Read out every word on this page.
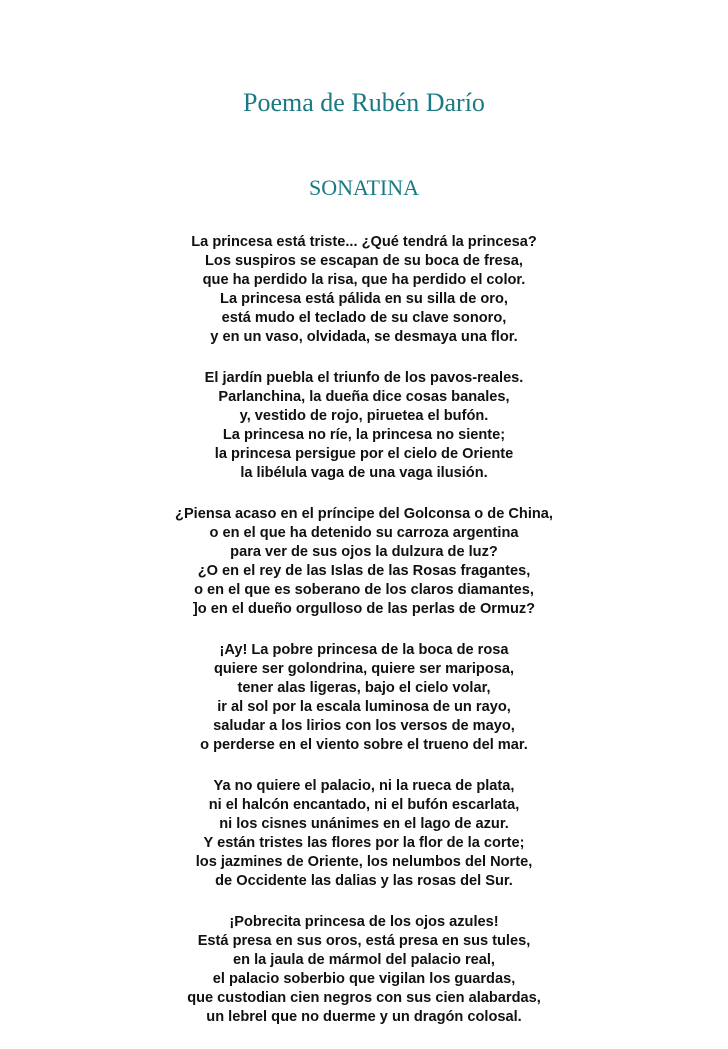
Poema de Rubén Darío
SONATINA
La princesa está triste... ¿Qué tendrá la princesa?
Los suspiros se escapan de su boca de fresa,
que ha perdido la risa, que ha perdido el color.
La princesa está pálida en su silla de oro,
está mudo el teclado de su clave sonoro,
y en un vaso, olvidada, se desmaya una flor.
El jardín puebla el triunfo de los pavos-reales.
Parlanchina, la dueña dice cosas banales,
y, vestido de rojo, piruetea el bufón.
La princesa no ríe, la princesa no siente;
la princesa persigue por el cielo de Oriente
la libélula vaga de una vaga ilusión.
¿Piensa acaso en el príncipe del Golconsa o de China,
o en el que ha detenido su carroza argentina
para ver de sus ojos la dulzura de luz?
¿O en el rey de las Islas de las Rosas fragantes,
o en el que es soberano de los claros diamantes,
]o en el dueño orgulloso de las perlas de Ormuz?
¡Ay! La pobre princesa de la boca de rosa
quiere ser golondrina, quiere ser mariposa,
tener alas ligeras, bajo el cielo volar,
ir al sol por la escala luminosa de un rayo,
saludar a los lirios con los versos de mayo,
o perderse en el viento sobre el trueno del mar.
Ya no quiere el palacio, ni la rueca de plata,
ni el halcón encantado, ni el bufón escarlata,
ni los cisnes unánimes en el lago de azur.
Y están tristes las flores por la flor de la corte;
los jazmines de Oriente, los nelumbos del Norte,
de Occidente las dalias y las rosas del Sur.
¡Pobrecita princesa de los ojos azules!
Está presa en sus oros, está presa en sus tules,
en la jaula de mármol del palacio real,
el palacio soberbio que vigilan los guardas,
que custodian cien negros con sus cien alabardas,
un lebrel que no duerme y un dragón colosal.
